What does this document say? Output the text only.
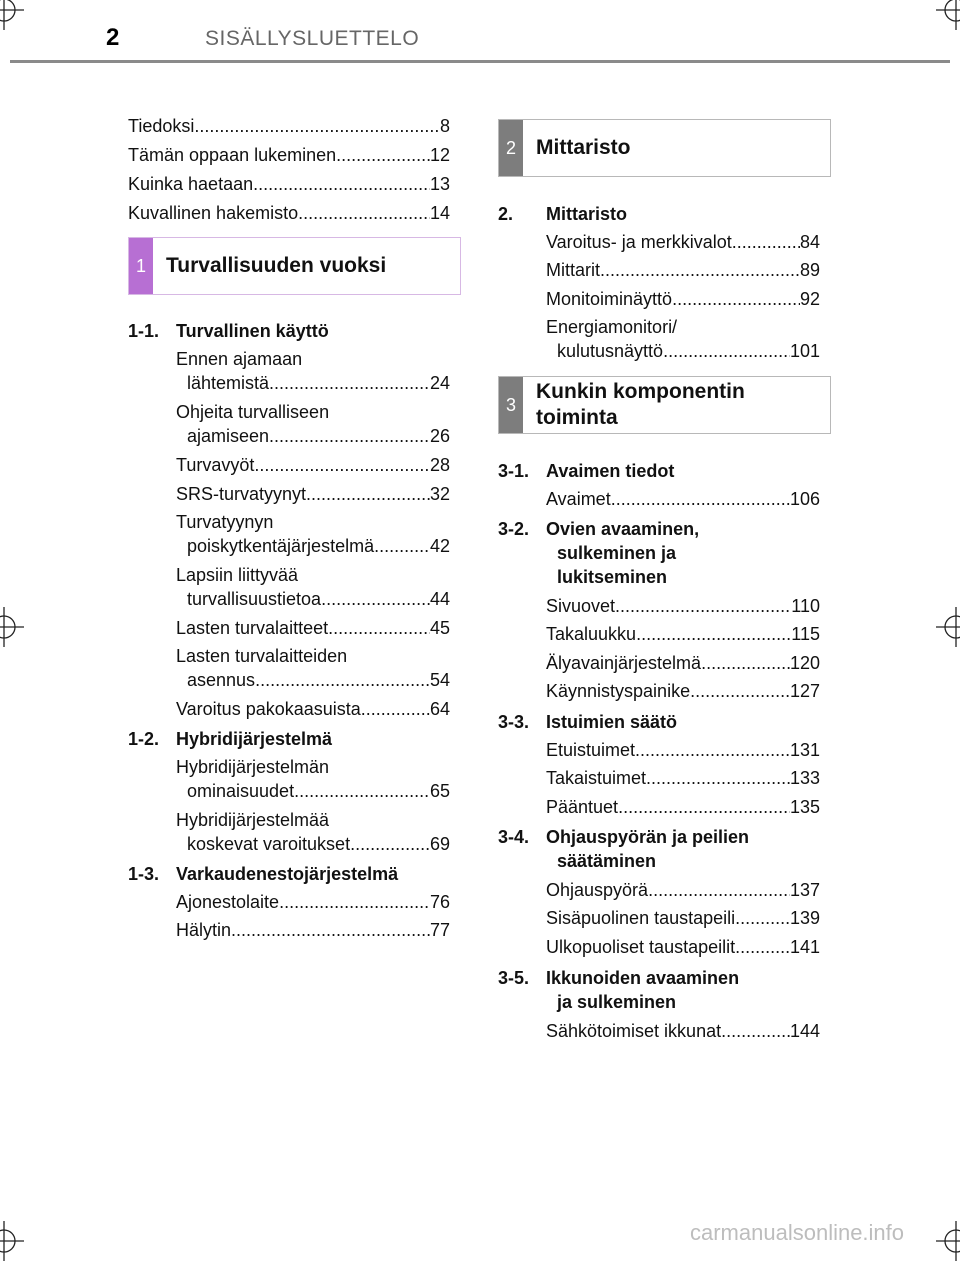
2	SISÄLLYSLUETTELO
Tiedoksi .....	8
Tämän oppaan lukeminen .....	12
Kuinka haetaan .....	13
Kuvallinen hakemisto .....	14
1 Turvallisuuden vuoksi
1-1. Turvallinen käyttö
Ennen ajamaan
lähtemistä .....	24
Ohjeita turvalliseen
ajamiseen .....	26
Turvavyöt .....	28
SRS-turvatyynyt .....	32
Turvatyynyn
poiskytkentäjärjestelmä .....	42
Lapsiin liittyvää
turvallisuustietoa .....	44
Lasten turvalaitteet .....	45
Lasten turvalaitteiden
asennus .....	54
Varoitus pakokaasuista .....	64
1-2. Hybridijärjestelmä
Hybridijärjestelmän
ominaisuudet .....	65
Hybridijärjestelmää
koskevat varoitukset .....	69
1-3. Varkaudenestojärjestelmä
Ajonestolaite .....	76
Hälytin .....	77
2 Mittaristo
2. Mittaristo
Varoitus- ja merkkivalot .....	84
Mittarit .....	89
Monitoiminäyttö .....	92
Energiamonitori/
kulutusnäyttö .....	101
3
Kunkin komponentin
toiminta
3-1. Avaimen tiedot
Avaimet .....	106
3-2. Ovien avaaminen,
sulkeminen ja
lukitseminen
Sivuovet .....	110
Takaluukku .....	115
Älyavainjärjestelmä .....	120
Käynnistyspainike .....	127
3-3. Istuimien säätö
Etuistuimet .....	131
Takaistuimet .....	133
Pääntuet .....	135
3-4. Ohjauspyörän ja peilien
säätäminen
Ohjauspyörä .....	137
Sisäpuolinen taustapeili .....	139
Ulkopuoliset taustapeilit .....	141
3-5. Ikkunoiden avaaminen
ja sulkeminen
Sähkötoimiset ikkunat .....	144
carmanualsonline.info
